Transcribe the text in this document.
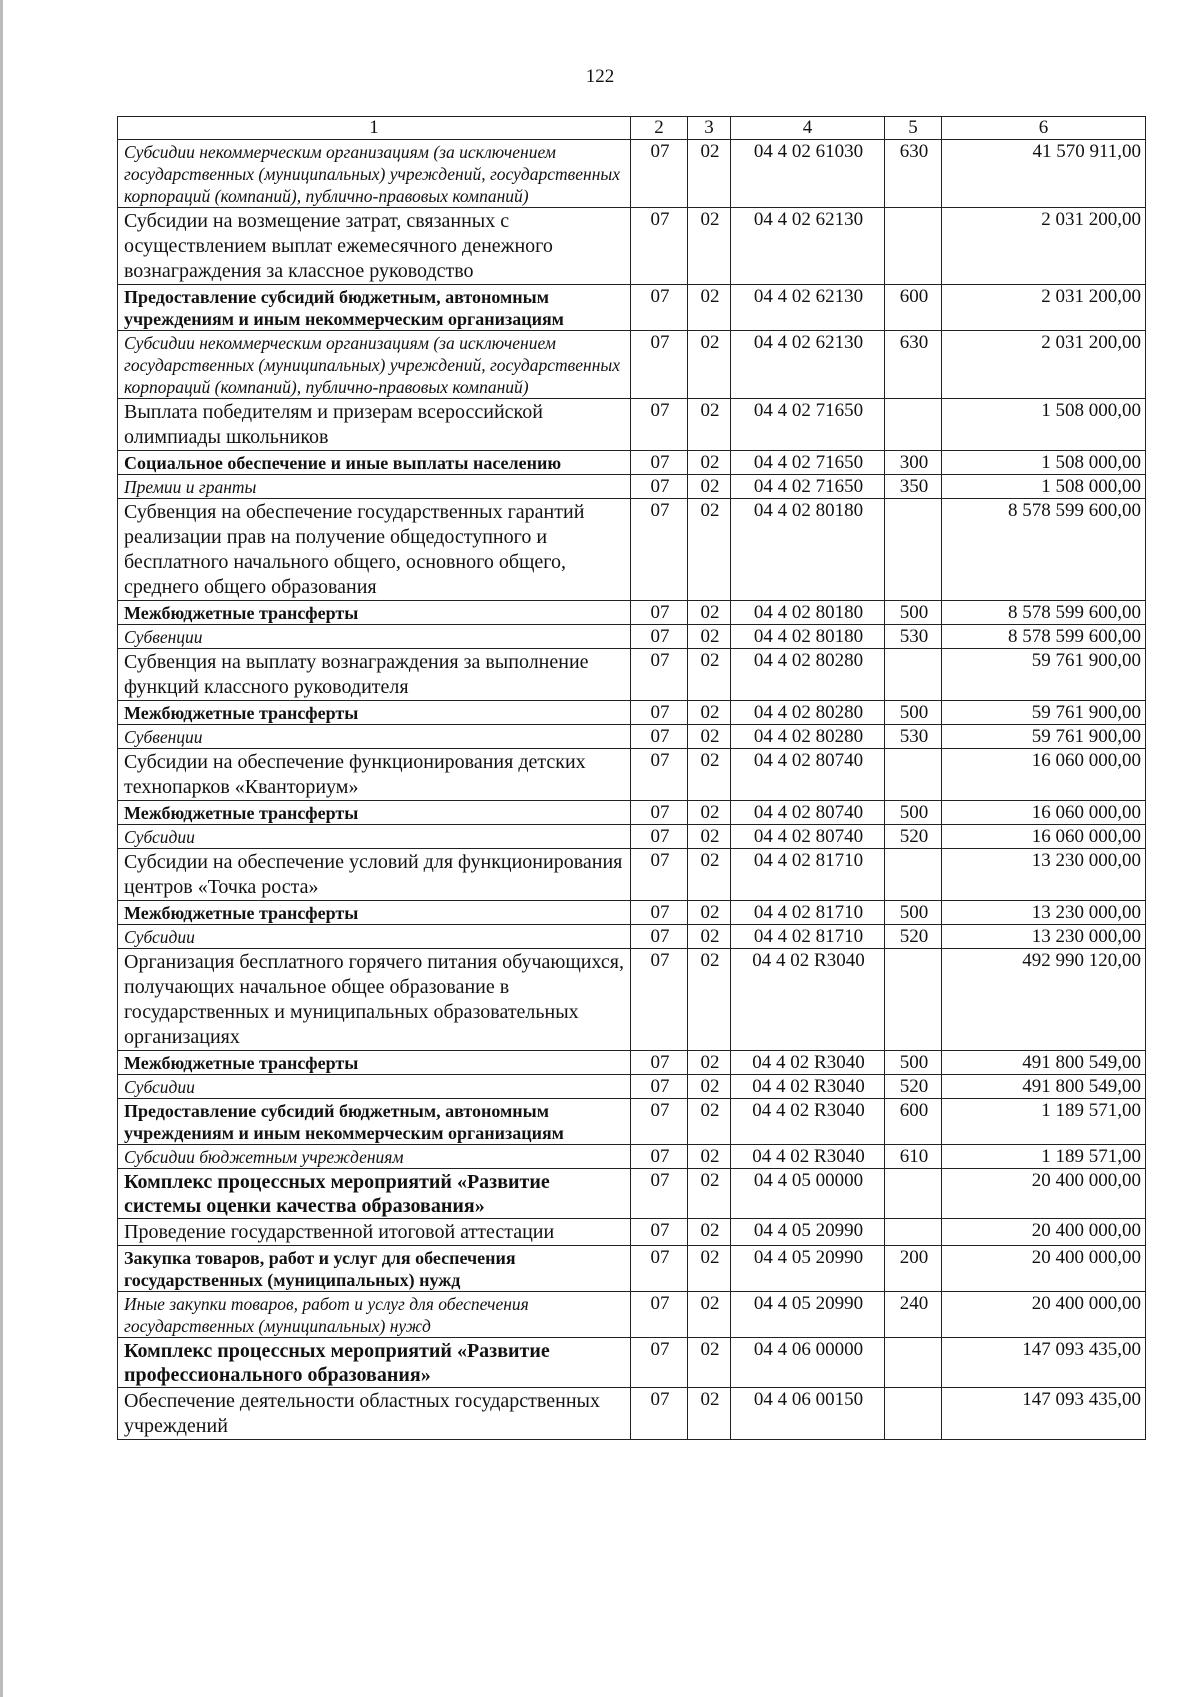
122
1	2	3	4	5	6
Субсидии некоммерческим организациям (за исключением государственных (муниципальных) учреждений, государственных корпораций (компаний), публично-правовых компаний)	07	02	04 4 02 61030	630	41 570 911,00
Субсидии на возмещение затрат, связанных с осуществлением выплат ежемесячного денежного вознаграждения за классное руководство	07	02	04 4 02 62130		2 031 200,00
Предоставление субсидий бюджетным, автономным учреждениям и иным некоммерческим организациям	07	02	04 4 02 62130	600	2 031 200,00
Субсидии некоммерческим организациям (за исключением государственных (муниципальных) учреждений, государственных корпораций (компаний), публично-правовых компаний)	07	02	04 4 02 62130	630	2 031 200,00
Выплата победителям и призерам всероссийской олимпиады школьников	07	02	04 4 02 71650		1 508 000,00
Социальное обеспечение и иные выплаты населению	07	02	04 4 02 71650	300	1 508 000,00
Премии и гранты	07	02	04 4 02 71650	350	1 508 000,00
Субвенция на обеспечение государственных гарантий реализации прав на получение общедоступного и бесплатного начального общего, основного общего, среднего общего образования	07	02	04 4 02 80180		8 578 599 600,00
Межбюджетные трансферты	07	02	04 4 02 80180	500	8 578 599 600,00
Субвенции	07	02	04 4 02 80180	530	8 578 599 600,00
Субвенция на выплату вознаграждения за выполнение функций классного руководителя	07	02	04 4 02 80280		59 761 900,00
Межбюджетные трансферты	07	02	04 4 02 80280	500	59 761 900,00
Субвенции	07	02	04 4 02 80280	530	59 761 900,00
Субсидии на обеспечение функционирования детских технопарков «Кванториум»	07	02	04 4 02 80740		16 060 000,00
Межбюджетные трансферты	07	02	04 4 02 80740	500	16 060 000,00
Субсидии	07	02	04 4 02 80740	520	16 060 000,00
Субсидии на обеспечение условий для функционирования центров «Точка роста»	07	02	04 4 02 81710		13 230 000,00
Межбюджетные трансферты	07	02	04 4 02 81710	500	13 230 000,00
Субсидии	07	02	04 4 02 81710	520	13 230 000,00
Организация бесплатного горячего питания обучающихся, получающих начальное общее образование в государственных и муниципальных образовательных организациях	07	02	04 4 02 R3040		492 990 120,00
Межбюджетные трансферты	07	02	04 4 02 R3040	500	491 800 549,00
Субсидии	07	02	04 4 02 R3040	520	491 800 549,00
Предоставление субсидий бюджетным, автономным учреждениям и иным некоммерческим организациям	07	02	04 4 02 R3040	600	1 189 571,00
Субсидии бюджетным учреждениям	07	02	04 4 02 R3040	610	1 189 571,00
Комплекс процессных мероприятий «Развитие системы оценки качества образования»	07	02	04 4 05 00000		20 400 000,00
Проведение государственной итоговой аттестации	07	02	04 4 05 20990		20 400 000,00
Закупка товаров, работ и услуг для обеспечения государственных (муниципальных) нужд	07	02	04 4 05 20990	200	20 400 000,00
Иные закупки товаров, работ и услуг для обеспечения государственных (муниципальных) нужд	07	02	04 4 05 20990	240	20 400 000,00
Комплекс процессных мероприятий «Развитие профессионального образования»	07	02	04 4 06 00000		147 093 435,00
Обеспечение деятельности областных государственных учреждений	07	02	04 4 06 00150		147 093 435,00
